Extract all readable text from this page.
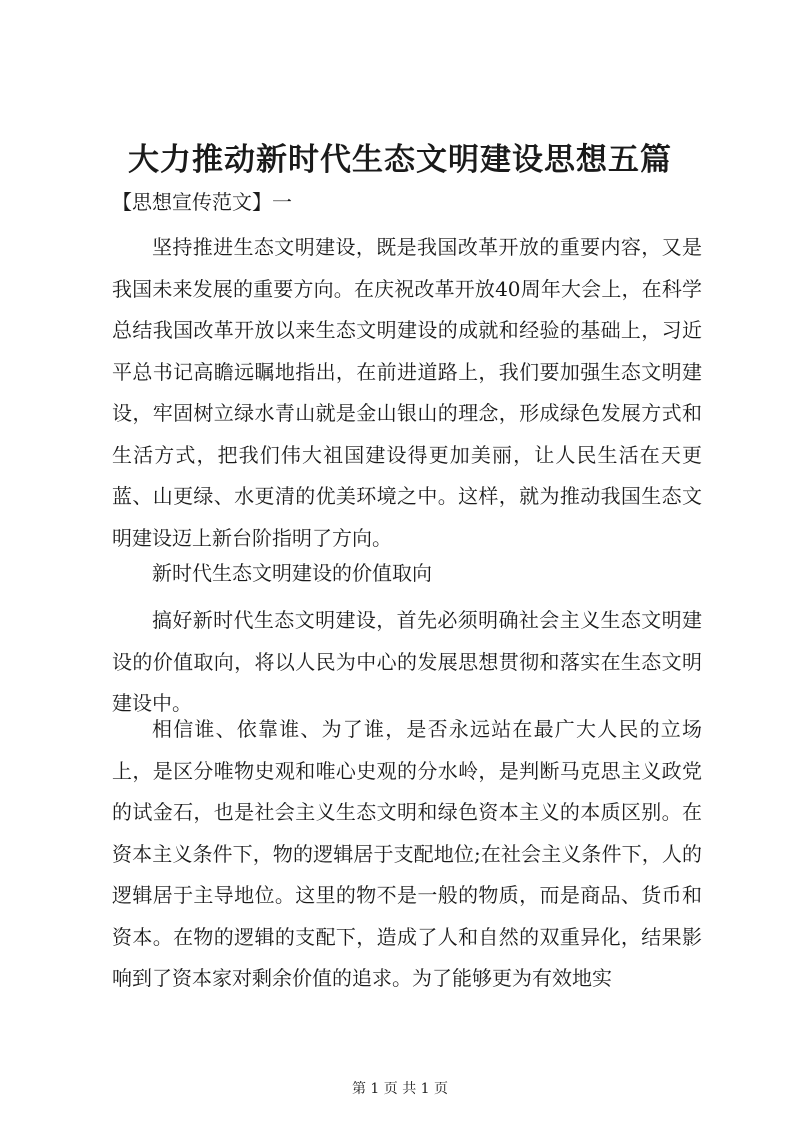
大力推动新时代生态文明建设思想五篇
【思想宣传范文】一

坚持推进生态文明建设，既是我国改革开放的重要内容，又是我国未来发展的重要方向。在庆祝改革开放40周年大会上，在科学总结我国改革开放以来生态文明建设的成就和经验的基础上，习近平总书记高瞻远瞩地指出，在前进道路上，我们要加强生态文明建设，牢固树立绿水青山就是金山银山的理念，形成绿色发展方式和生活方式，把我们伟大祖国建设得更加美丽，让人民生活在天更蓝、山更绿、水更清的优美环境之中。这样，就为推动我国生态文明建设迈上新台阶指明了方向。

新时代生态文明建设的价值取向

搞好新时代生态文明建设，首先必须明确社会主义生态文明建设的价值取向，将以人民为中心的发展思想贯彻和落实在生态文明建设中。

相信谁、依靠谁、为了谁，是否永远站在最广大人民的立场上，是区分唯物史观和唯心史观的分水岭，是判断马克思主义政党的试金石，也是社会主义生态文明和绿色资本主义的本质区别。在资本主义条件下，物的逻辑居于支配地位;在社会主义条件下，人的逻辑居于主导地位。这里的物不是一般的物质，而是商品、货币和资本。在物的逻辑的支配下，造成了人和自然的双重异化，结果影响到了资本家对剩余价值的追求。为了能够更为有效地实

第 1 页 共 1 页
